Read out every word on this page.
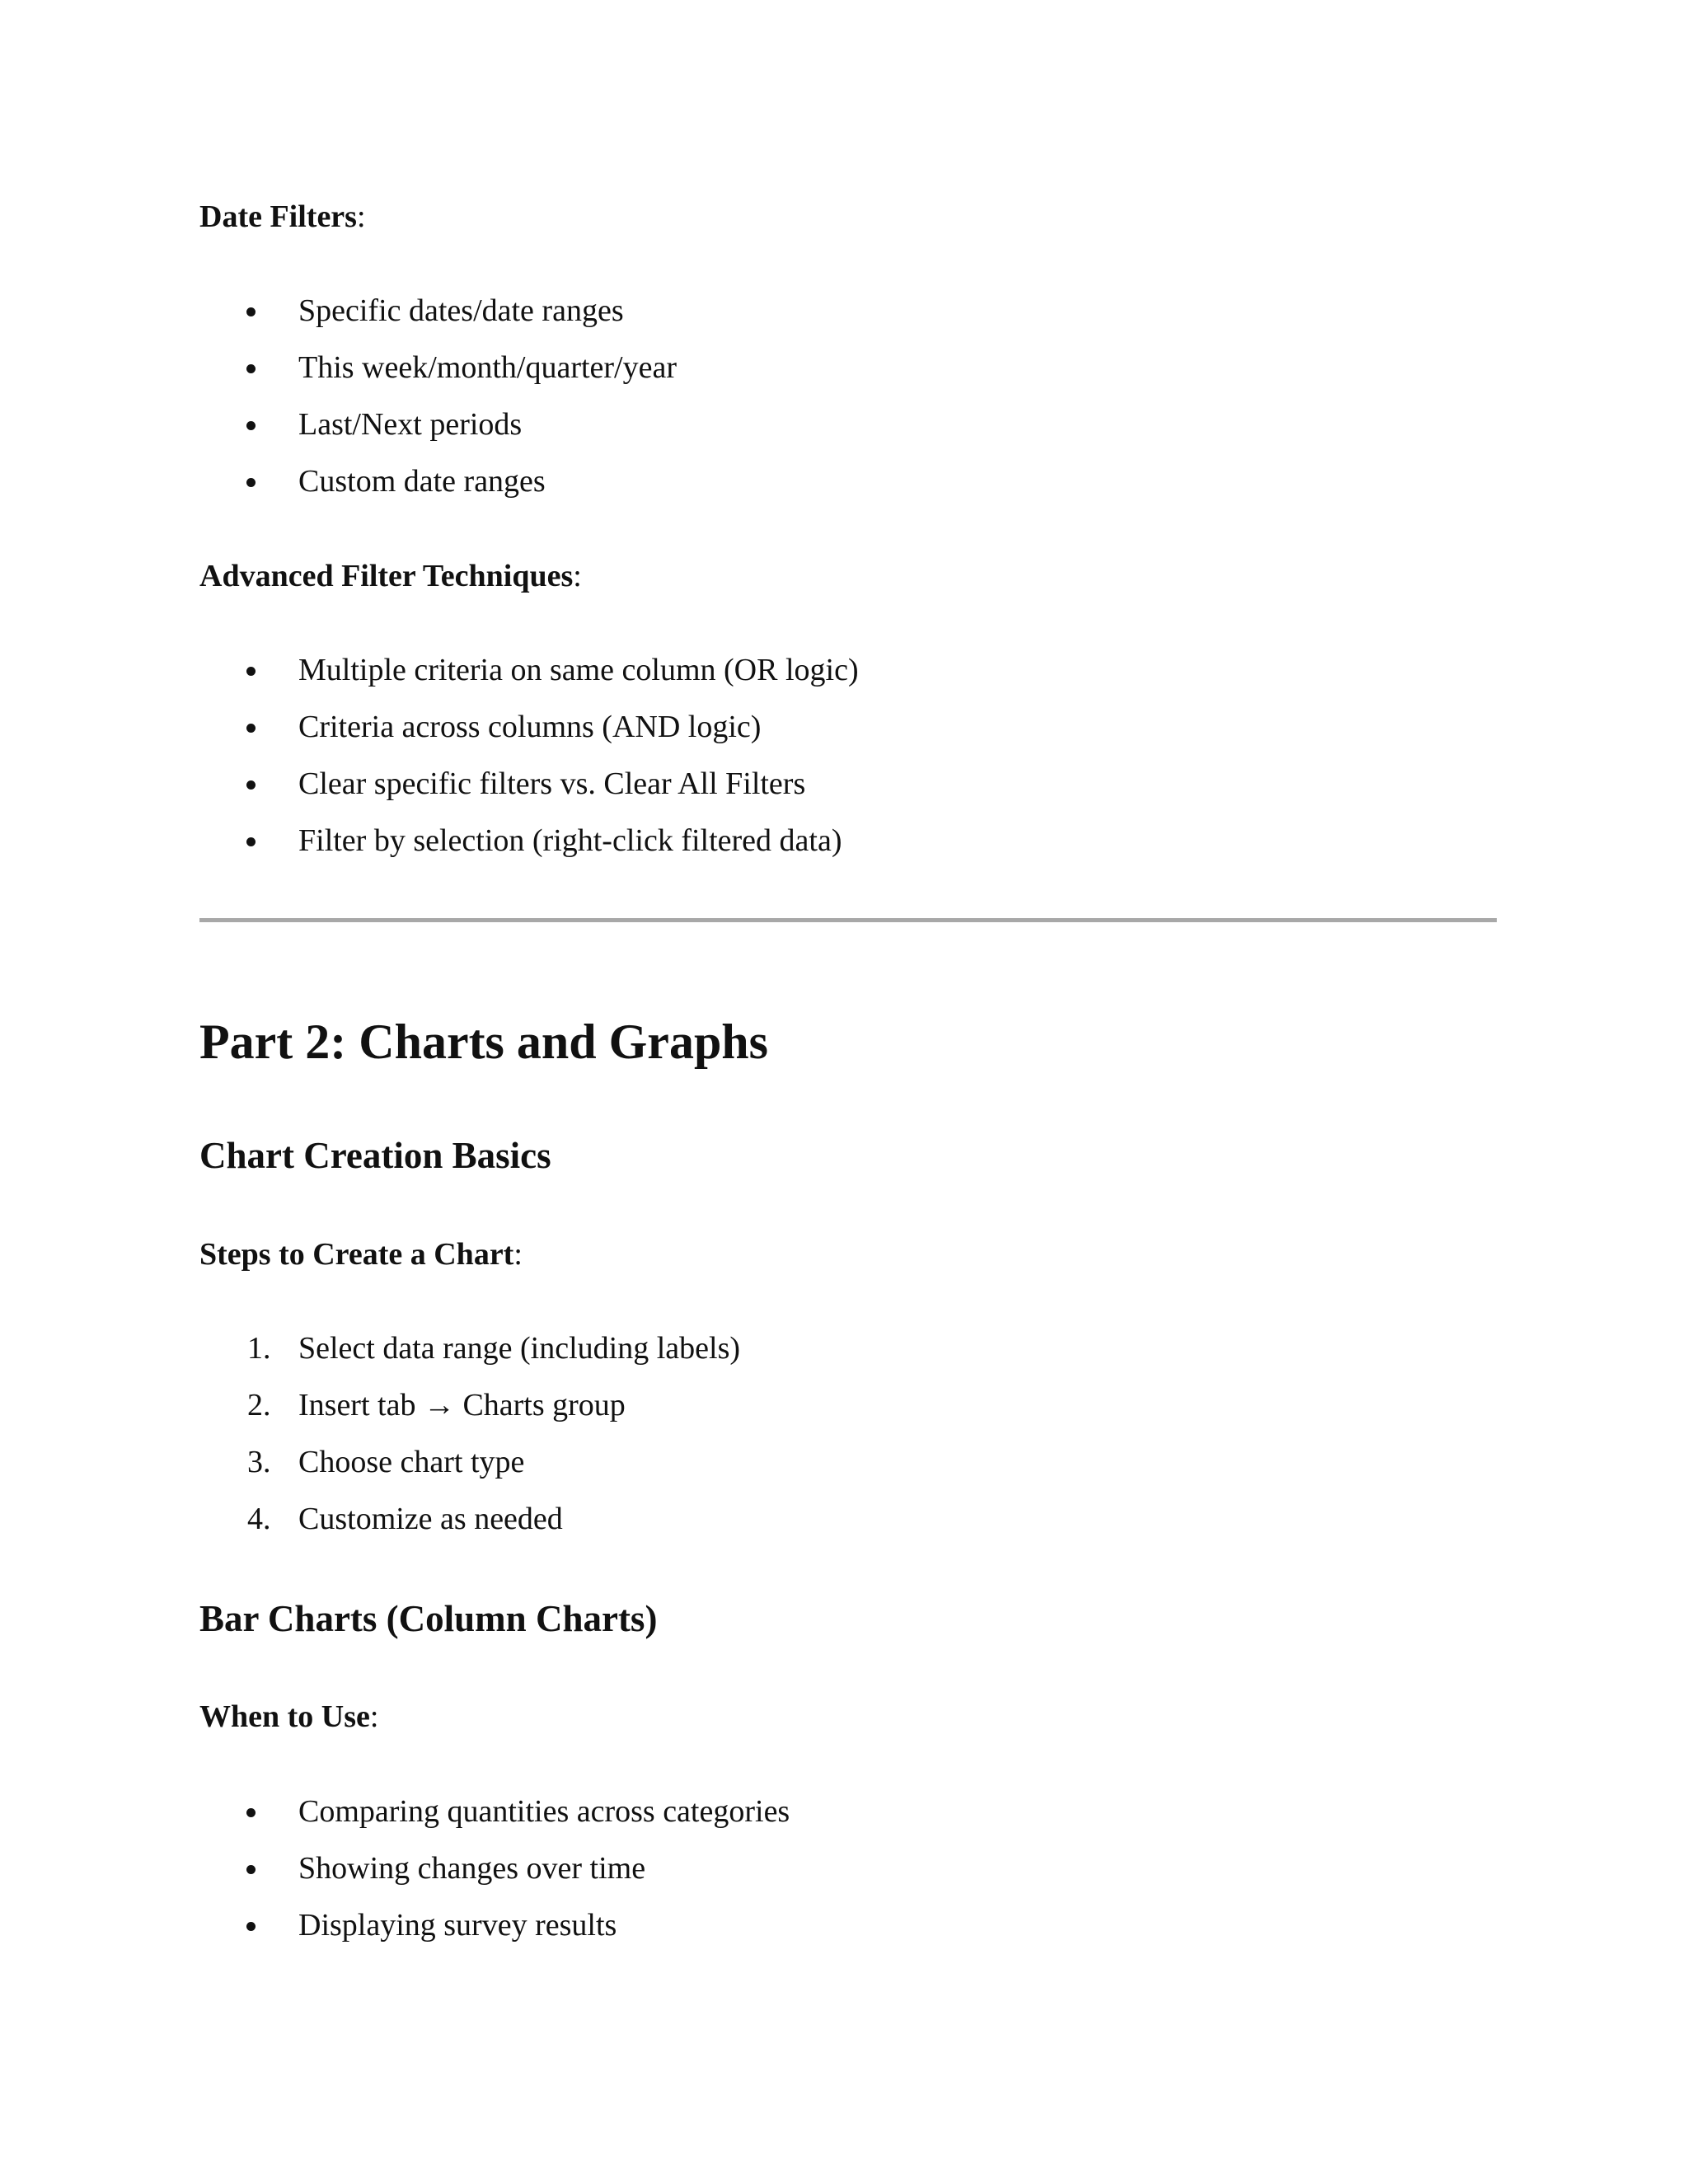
Date Filters:

Specific dates/date ranges
This week/month/quarter/year
Last/Next periods
Custom date ranges

Advanced Filter Techniques:

Multiple criteria on same column (OR logic)
Criteria across columns (AND logic)
Clear specific filters vs. Clear All Filters
Filter by selection (right-click filtered data)
Part 2: Charts and Graphs
Chart Creation Basics

Steps to Create a Chart:

1. Select data range (including labels)
2. Insert tab → Charts group
3. Choose chart type
4. Customize as needed
Bar Charts (Column Charts)

When to Use:

Comparing quantities across categories
Showing changes over time
Displaying survey results
